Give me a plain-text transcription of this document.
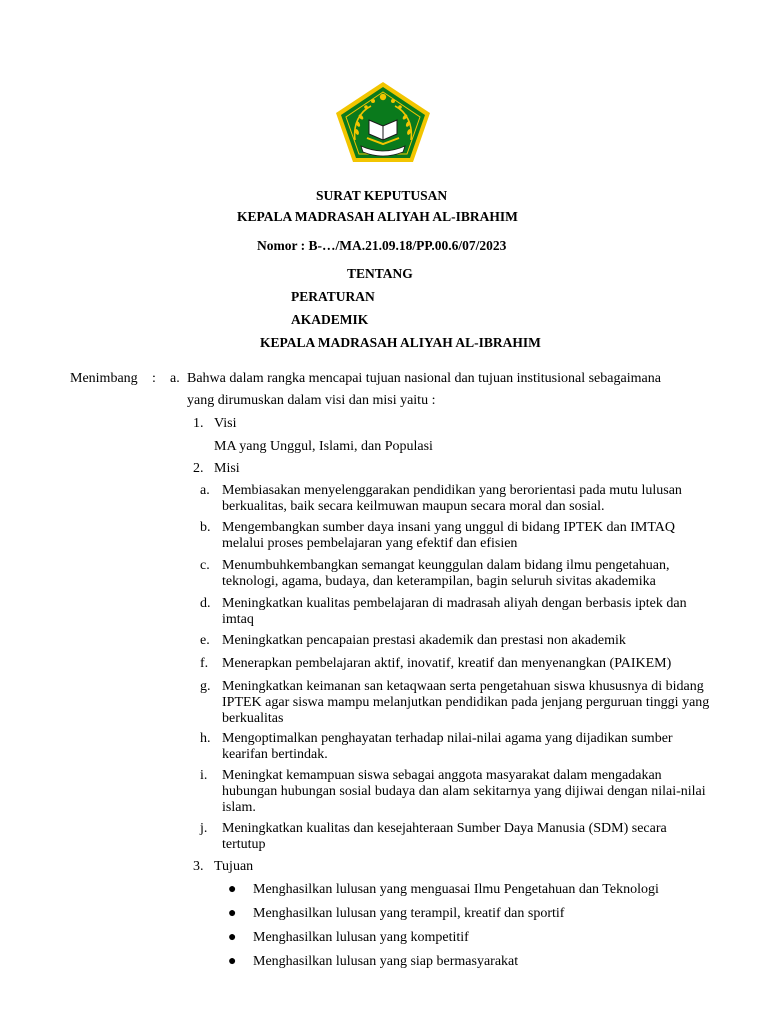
SURAT KEPUTUSAN
KEPALA MADRASAH ALIYAH AL-IBRAHIM
Nomor : B-…/MA.21.09.18/PP.00.6/07/2023
TENTANG
PERATURAN
AKADEMIK
KEPALA MADRASAH ALIYAH AL-IBRAHIM
Menimbang : a. Bahwa dalam rangka mencapai tujuan nasional dan tujuan institusional sebagaimana
yang dirumuskan dalam visi dan misi yaitu :
1. Visi
MA yang Unggul, Islami, dan Populasi
2. Misi
a. Membiasakan menyelenggarakan pendidikan yang berorientasi pada mutu lulusan berkualitas, baik secara keilmuwan maupun secara moral dan sosial.
b. Mengembangkan sumber daya insani yang unggul di bidang IPTEK dan IMTAQ melalui proses pembelajaran yang efektif dan efisien
c. Menumbuhkembangkan semangat keunggulan dalam bidang ilmu pengetahuan, teknologi, agama, budaya, dan keterampilan, bagin seluruh sivitas akademika
d. Meningkatkan kualitas pembelajaran di madrasah aliyah dengan berbasis iptek dan imtaq
e. Meningkatkan pencapaian prestasi akademik dan prestasi non akademik
f. Menerapkan pembelajaran aktif, inovatif, kreatif dan menyenangkan (PAIKEM)
g. Meningkatkan keimanan san ketaqwaan serta pengetahuan siswa khususnya di bidang IPTEK agar siswa mampu melanjutkan pendidikan pada jenjang perguruan tinggi yang berkualitas
h. Mengoptimalkan penghayatan terhadap nilai-nilai agama yang dijadikan sumber kearifan bertindak.
i. Meningkat kemampuan siswa sebagai anggota masyarakat dalam mengadakan hubungan hubungan sosial budaya dan alam sekitarnya yang dijiwai dengan nilai-nilai islam.
j. Meningkatkan kualitas dan kesejahteraan Sumber Daya Manusia (SDM) secara tertutup
3. Tujuan
● Menghasilkan lulusan yang menguasai Ilmu Pengetahuan dan Teknologi
● Menghasilkan lulusan yang terampil, kreatif dan sportif
● Menghasilkan lulusan yang kompetitif
● Menghasilkan lulusan yang siap bermasyarakat
